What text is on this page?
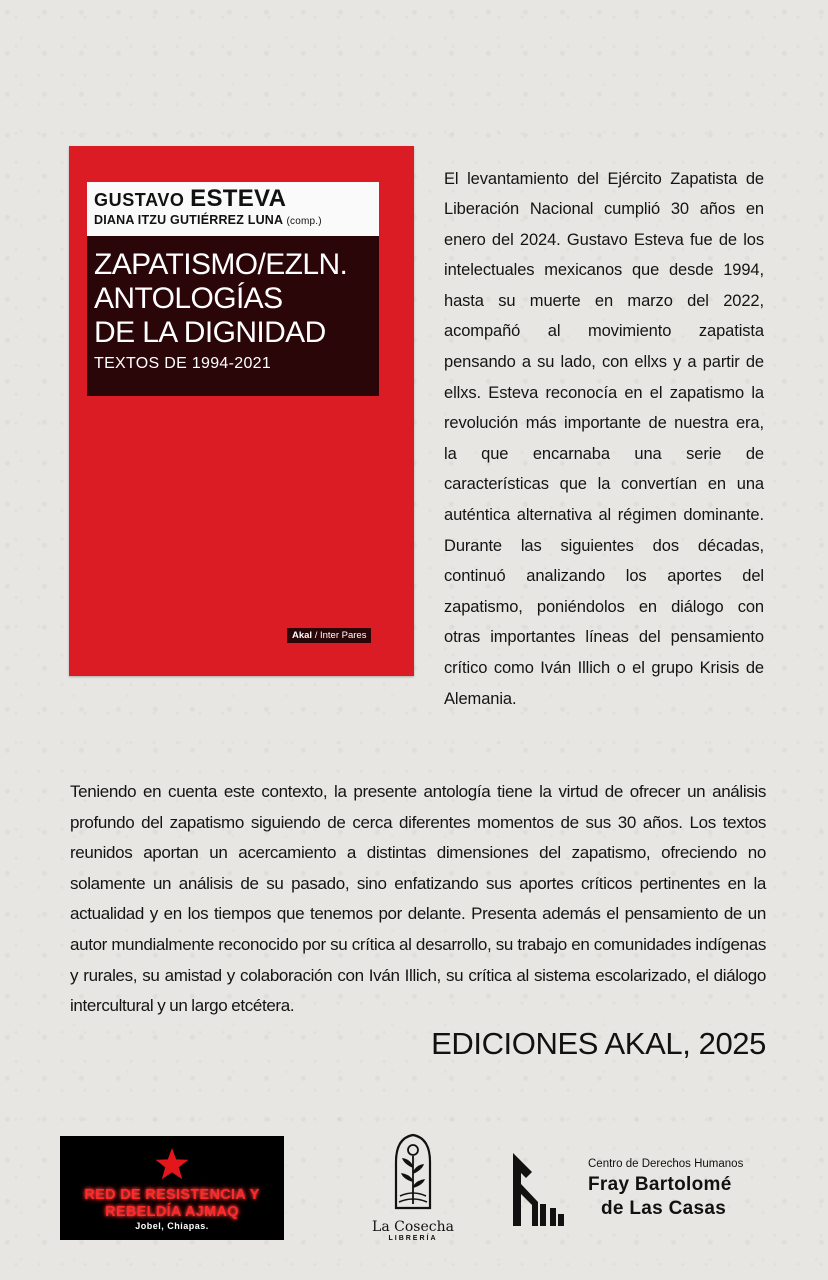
GUSTAVO ESTEVA
DIANA ITZU GUTIÉRREZ LUNA (comp.)
ZAPATISMO/EZLN.
ANTOLOGÍAS
DE LA DIGNIDAD
TEXTOS DE 1994-2021
Akal / Inter Pares

El levantamiento del Ejército Zapatista de Liberación Nacional cumplió 30 años en enero del 2024. Gustavo Esteva fue de los intelectuales mexicanos que desde 1994, hasta su muerte en marzo del 2022, acompañó al movimiento zapatista pensando a su lado, con ellxs y a partir de ellxs. Esteva reconocía en el zapatismo la revolución más importante de nuestra era, la que encarnaba una serie de características que la convertían en una auténtica alternativa al régimen dominante. Durante las siguientes dos décadas, continuó analizando los aportes del zapatismo, poniéndolos en diálogo con otras importantes líneas del pensamiento crítico como Iván Illich o el grupo Krisis de Alemania.

Teniendo en cuenta este contexto, la presente antología tiene la virtud de ofrecer un análisis profundo del zapatismo siguiendo de cerca diferentes momentos de sus 30 años. Los textos reunidos aportan un acercamiento a distintas dimensiones del zapatismo, ofreciendo no solamente un análisis de su pasado, sino enfatizando sus aportes críticos pertinentes en la actualidad y en los tiempos que tenemos por delante. Presenta además el pensamiento de un autor mundialmente reconocido por su crítica al desarrollo, su trabajo en comunidades indígenas y rurales, su amistad y colaboración con Iván Illich, su crítica al sistema escolarizado, el diálogo intercultural y un largo etcétera.

EDICIONES AKAL, 2025
RED DE RESISTENCIA Y
REBELDÍA AJMAQ
Jobel, Chiapas.	La Cosecha
LIBRERÍA
Centro de Derechos Humanos
Fray Bartolomé
de Las Casas
